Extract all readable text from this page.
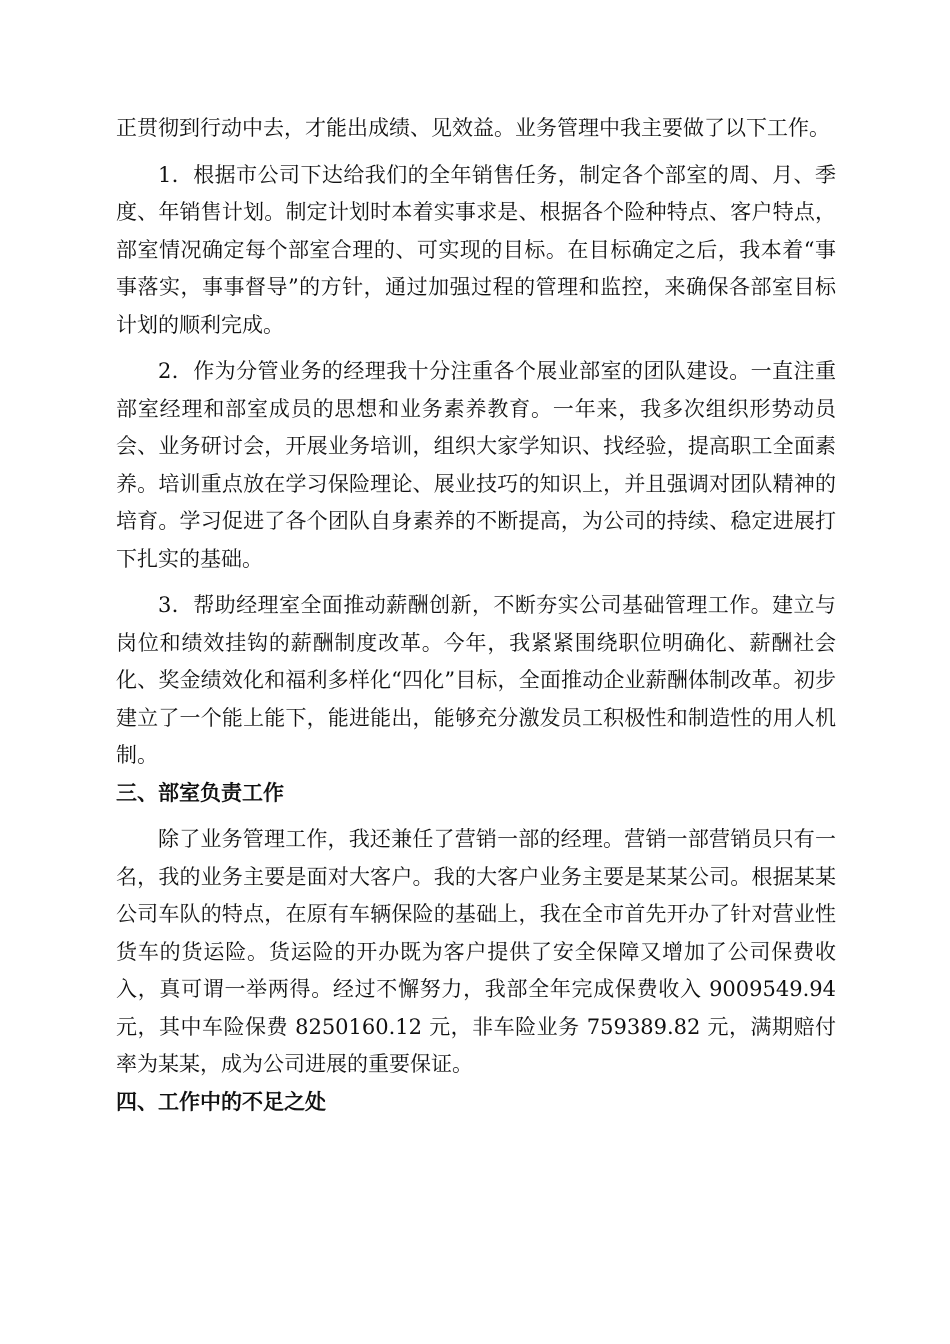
正贯彻到行动中去，才能出成绩、见效益。业务管理中我主要做了以下工作。

1．根据市公司下达给我们的全年销售任务，制定各个部室的周、月、季度、年销售计划。制定计划时本着实事求是、根据各个险种特点、客户特点，部室情况确定每个部室合理的、可实现的目标。在目标确定之后，我本着“事事落实，事事督导”的方针，通过加强过程的管理和监控，来确保各部室目标计划的顺利完成。

2．作为分管业务的经理我十分注重各个展业部室的团队建设。一直注重部室经理和部室成员的思想和业务素养教育。一年来，我多次组织形势动员会、业务研讨会，开展业务培训，组织大家学知识、找经验，提高职工全面素养。培训重点放在学习保险理论、展业技巧的知识上，并且强调对团队精神的培育。学习促进了各个团队自身素养的不断提高，为公司的持续、稳定进展打下扎实的基础。

3．帮助经理室全面推动薪酬创新，不断夯实公司基础管理工作。建立与岗位和绩效挂钩的薪酬制度改革。今年，我紧紧围绕职位明确化、薪酬社会化、奖金绩效化和福利多样化“四化”目标，全面推动企业薪酬体制改革。初步建立了一个能上能下，能进能出，能够充分激发员工积极性和制造性的用人机制。

三、部室负责工作

除了业务管理工作，我还兼任了营销一部的经理。营销一部营销员只有一名，我的业务主要是面对大客户。我的大客户业务主要是某某公司。根据某某公司车队的特点，在原有车辆保险的基础上，我在全市首先开办了针对营业性货车的货运险。货运险的开办既为客户提供了安全保障又增加了公司保费收入，真可谓一举两得。经过不懈努力，我部全年完成保费收入 9009549.94 元，其中车险保费 8250160.12 元，非车险业务 759389.82 元，满期赔付率为某某，成为公司进展的重要保证。

四、工作中的不足之处
